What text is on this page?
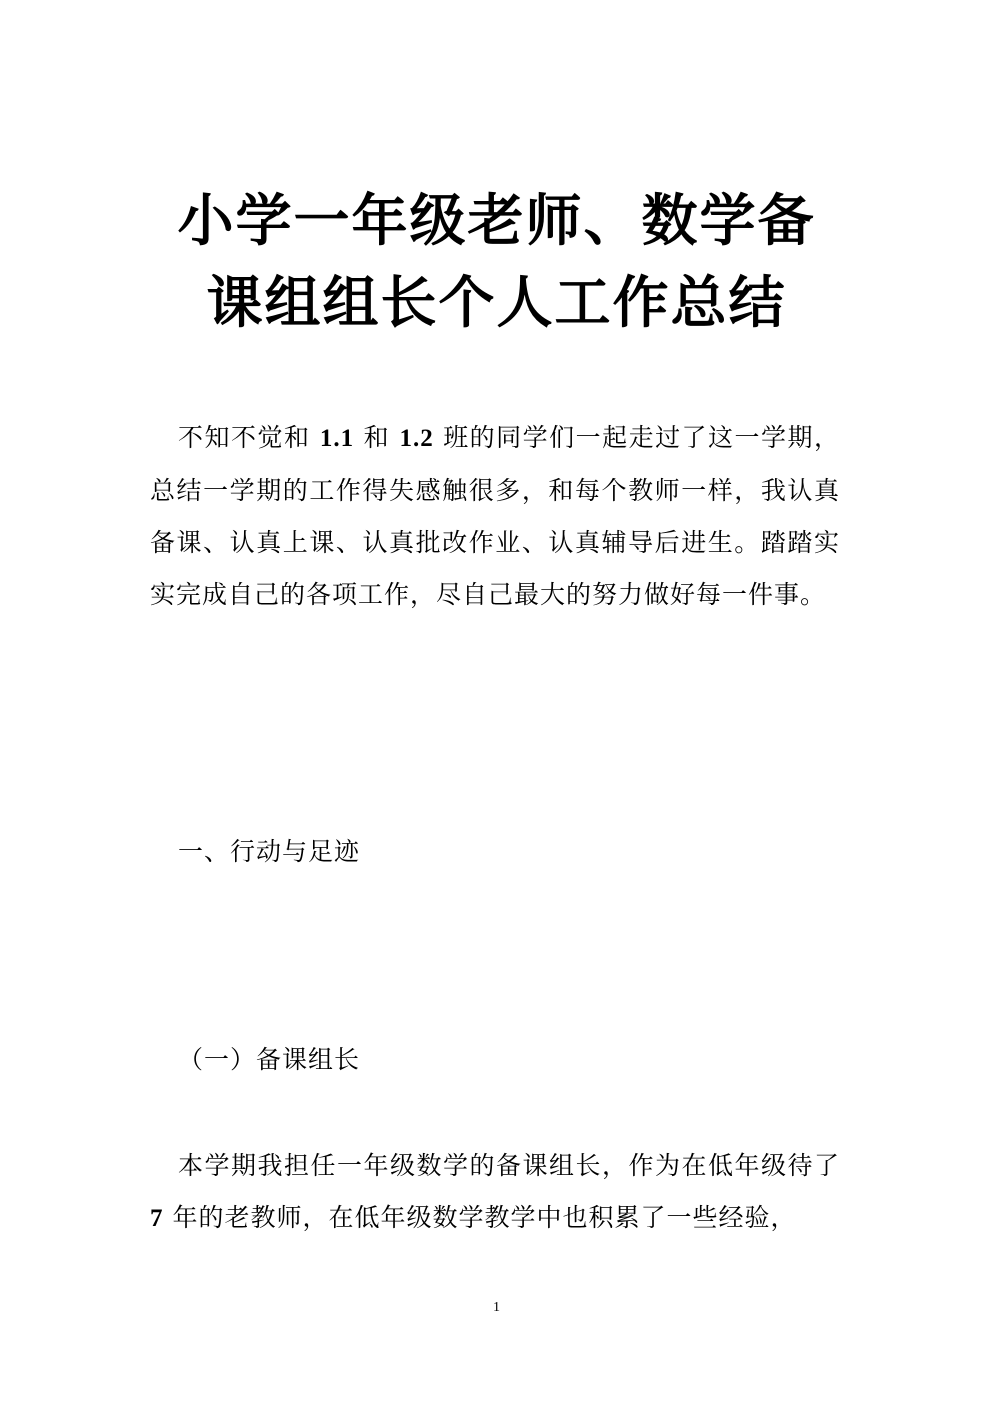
小学一年级老师、数学备课组组长个人工作总结

不知不觉和 1.1 和 1.2 班的同学们一起走过了这一学期，总结一学期的工作得失感触很多，和每个教师一样，我认真备课、认真上课、认真批改作业、认真辅导后进生。踏踏实实完成自己的各项工作，尽自己最大的努力做好每一件事。

一、行动与足迹

（一）备课组长

本学期我担任一年级数学的备课组长，作为在低年级待了 7 年的老教师，在低年级数学教学中也积累了一些经验，

1
